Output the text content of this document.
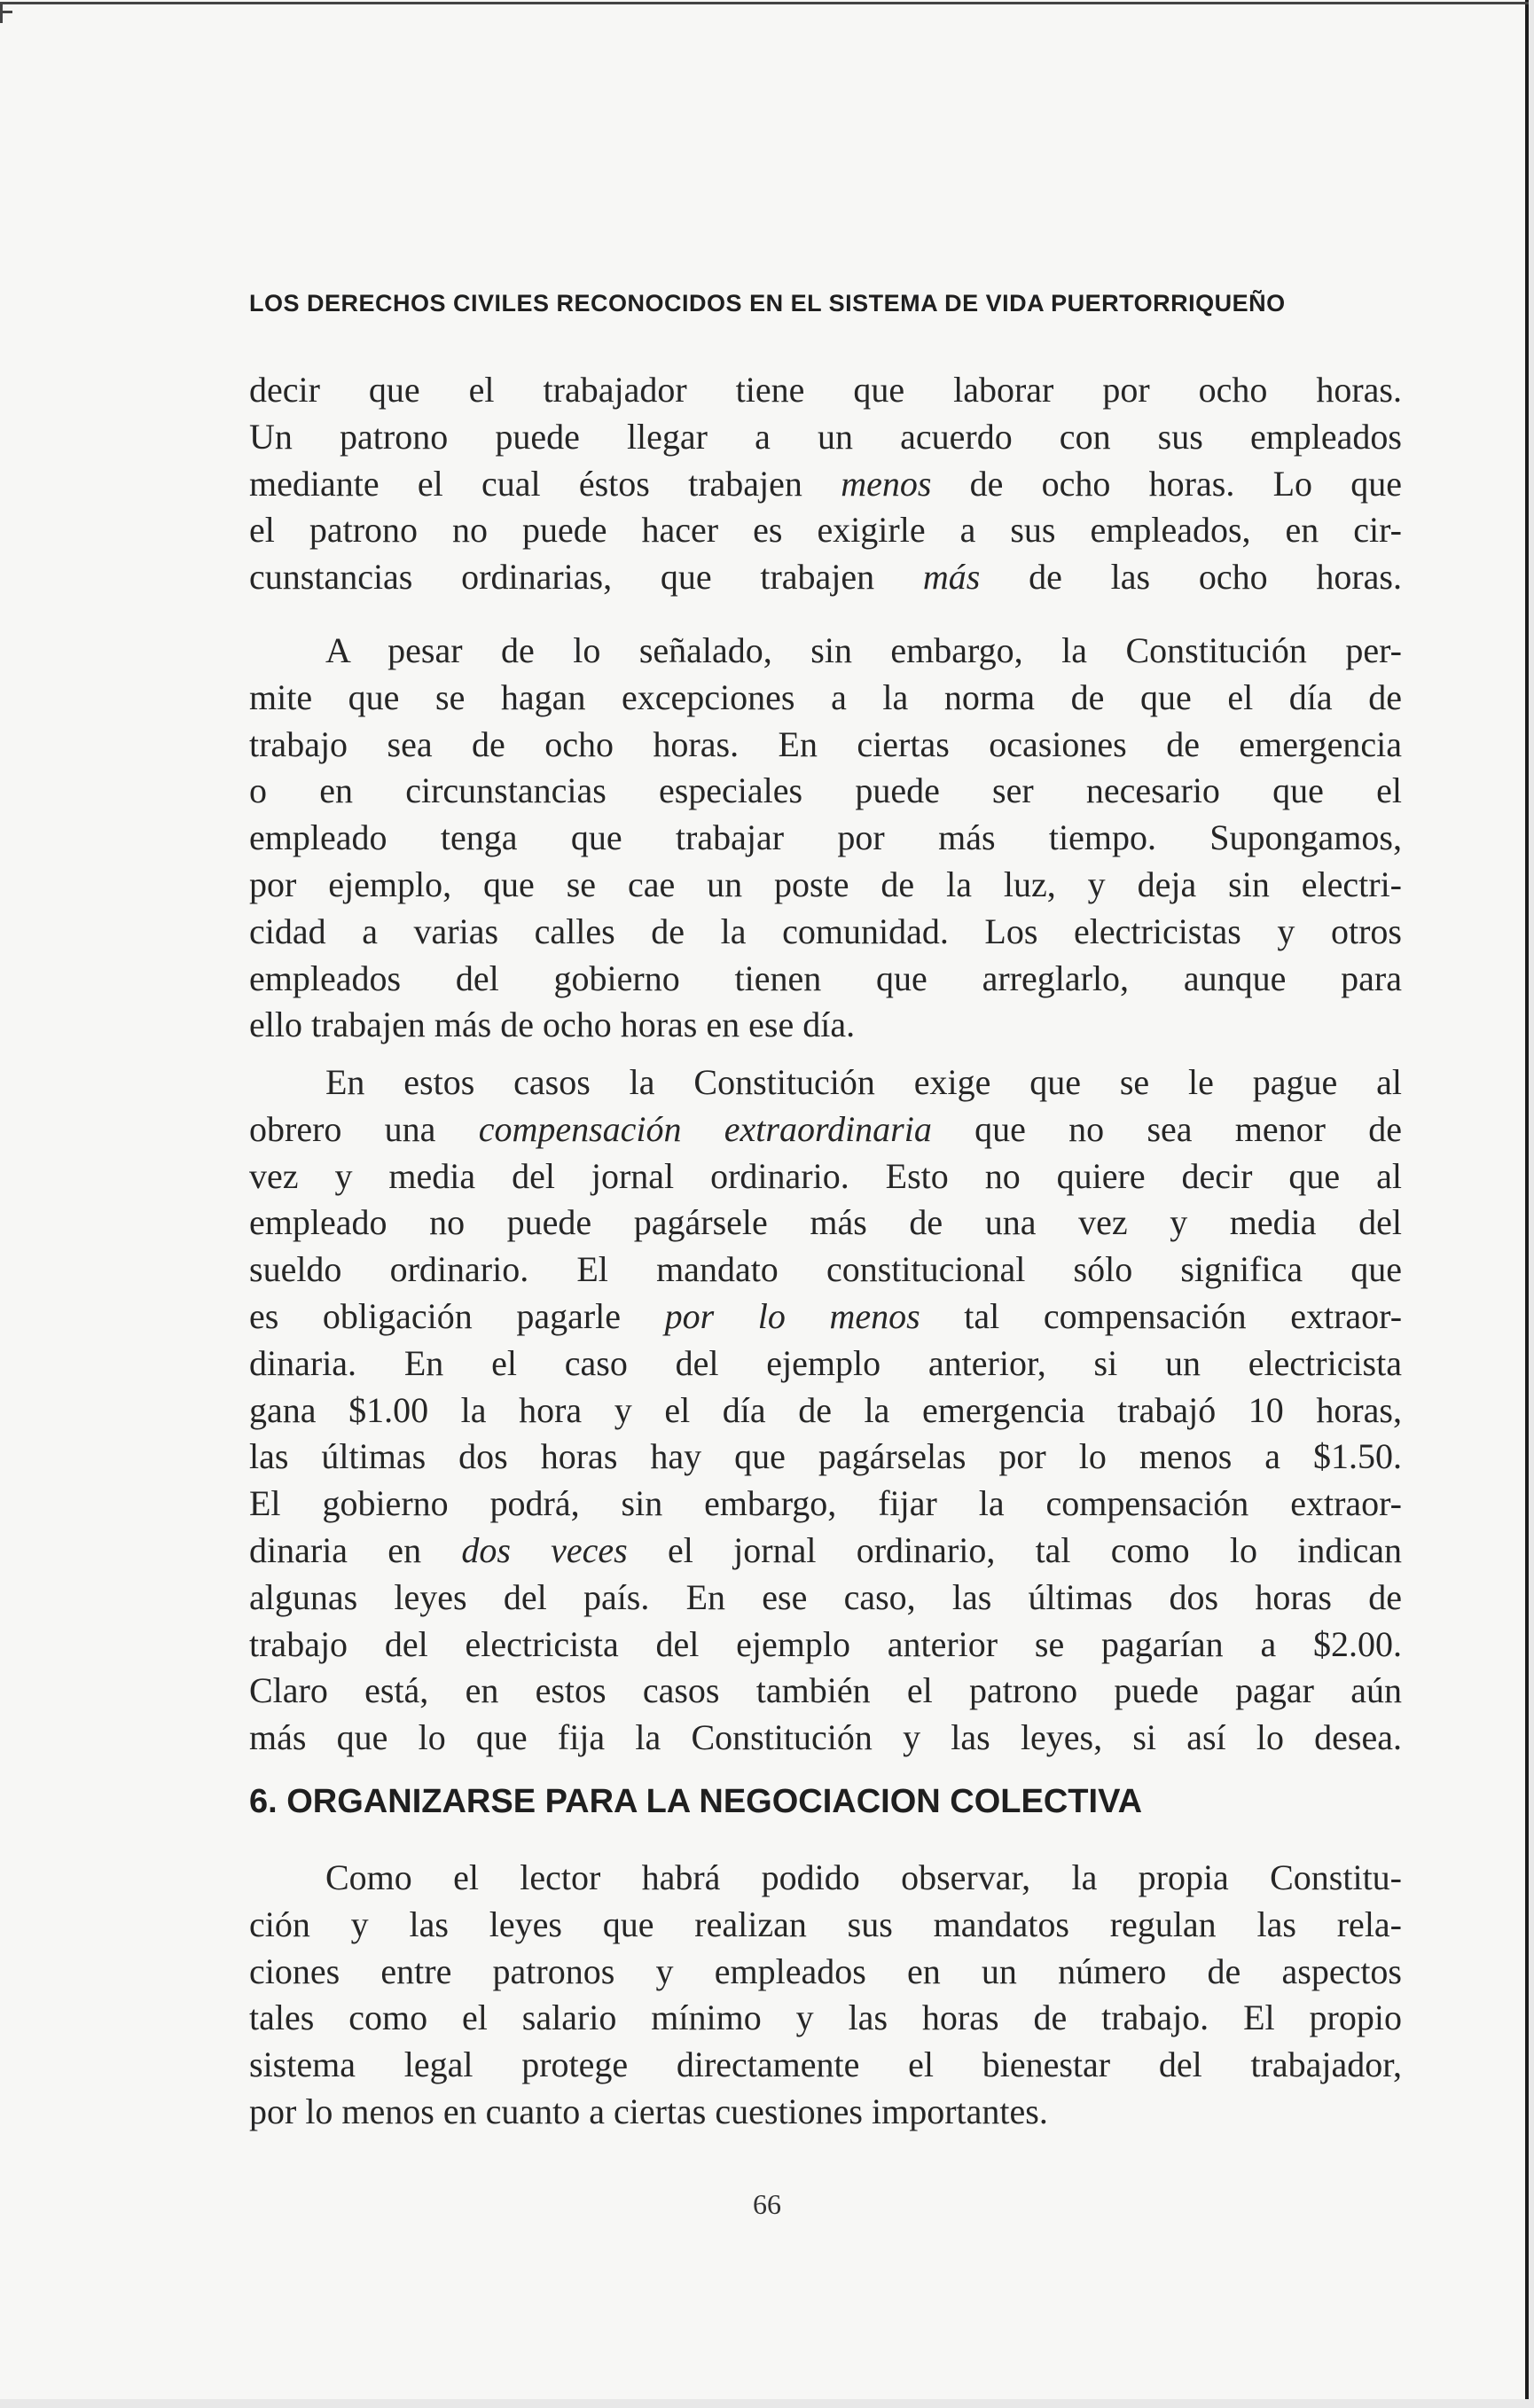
LOS DERECHOS CIVILES RECONOCIDOS EN EL SISTEMA DE VIDA PUERTORRIQUEÑO
decir que el trabajador tiene que laborar por ocho horas.
Un patrono puede llegar a un acuerdo con sus empleados
mediante el cual éstos trabajen menos de ocho horas. Lo que
el patrono no puede hacer es exigirle a sus empleados, en cir-
cunstancias ordinarias, que trabajen más de las ocho horas.
A pesar de lo señalado, sin embargo, la Constitución per-
mite que se hagan excepciones a la norma de que el día de
trabajo sea de ocho horas. En ciertas ocasiones de emergencia
o en circunstancias especiales puede ser necesario que el
empleado tenga que trabajar por más tiempo. Supongamos,
por ejemplo, que se cae un poste de la luz, y deja sin electri-
cidad a varias calles de la comunidad. Los electricistas y otros
empleados del gobierno tienen que arreglarlo, aunque para
ello trabajen más de ocho horas en ese día.
En estos casos la Constitución exige que se le pague al
obrero una compensación extraordinaria que no sea menor de
vez y media del jornal ordinario. Esto no quiere decir que al
empleado no puede pagársele más de una vez y media del
sueldo ordinario. El mandato constitucional sólo significa que
es obligación pagarle por lo menos tal compensación extraor-
dinaria. En el caso del ejemplo anterior, si un electricista
gana $1.00 la hora y el día de la emergencia trabajó 10 horas,
las últimas dos horas hay que pagárselas por lo menos a $1.50.
El gobierno podrá, sin embargo, fijar la compensación extraor-
dinaria en dos veces el jornal ordinario, tal como lo indican
algunas leyes del país. En ese caso, las últimas dos horas de
trabajo del electricista del ejemplo anterior se pagarían a $2.00.
Claro está, en estos casos también el patrono puede pagar aún
más que lo que fija la Constitución y las leyes, si así lo desea.
6. ORGANIZARSE PARA LA NEGOCIACION COLECTIVA
Como el lector habrá podido observar, la propia Constitu-
ción y las leyes que realizan sus mandatos regulan las rela-
ciones entre patronos y empleados en un número de aspectos
tales como el salario mínimo y las horas de trabajo. El propio
sistema legal protege directamente el bienestar del trabajador,
por lo menos en cuanto a ciertas cuestiones importantes.
66
